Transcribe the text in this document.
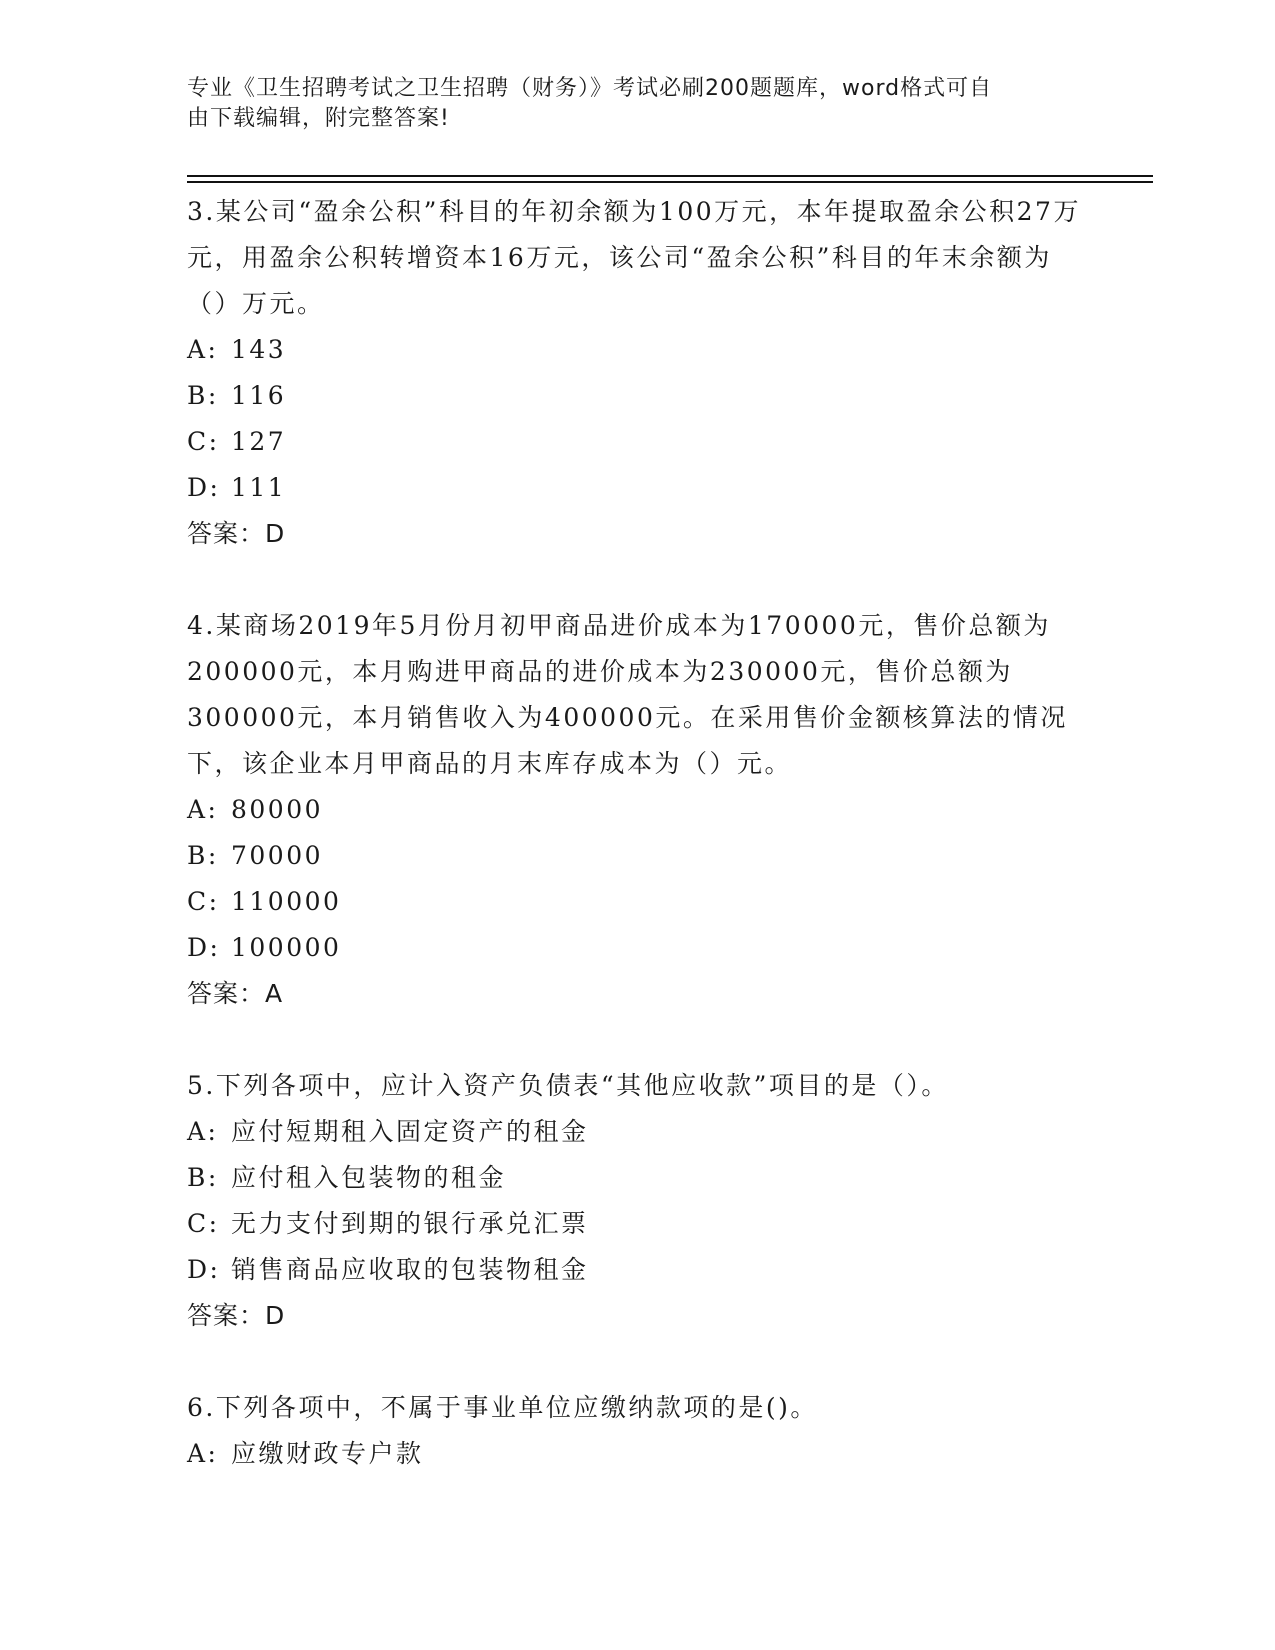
专业《卫生招聘考试之卫生招聘（财务）》考试必刷200题题库，word格式可自
由下载编辑，附完整答案!

3.某公司“盈余公积”科目的年初余额为100万元，本年提取盈余公积27万元，用盈余公积转增资本16万元，该公司“盈余公积”科目的年末余额为（）万元。

A: 143

B: 116

C: 127

D: 111

答案：D

4.某商场2019年5月份月初甲商品进价成本为170000元，售价总额为200000元，本月购进甲商品的进价成本为230000元，售价总额为300000元，本月销售收入为400000元。在采用售价金额核算法的情况下，该企业本月甲商品的月末库存成本为（）元。

A: 80000

B: 70000

C: 110000

D: 100000

答案：A

5.下列各项中，应计入资产负债表“其他应收款”项目的是（）。

A: 应付短期租入固定资产的租金

B: 应付租入包装物的租金

C: 无力支付到期的银行承兑汇票

D: 销售商品应收取的包装物租金

答案：D

6.下列各项中，不属于事业单位应缴纳款项的是()。

A: 应缴财政专户款
